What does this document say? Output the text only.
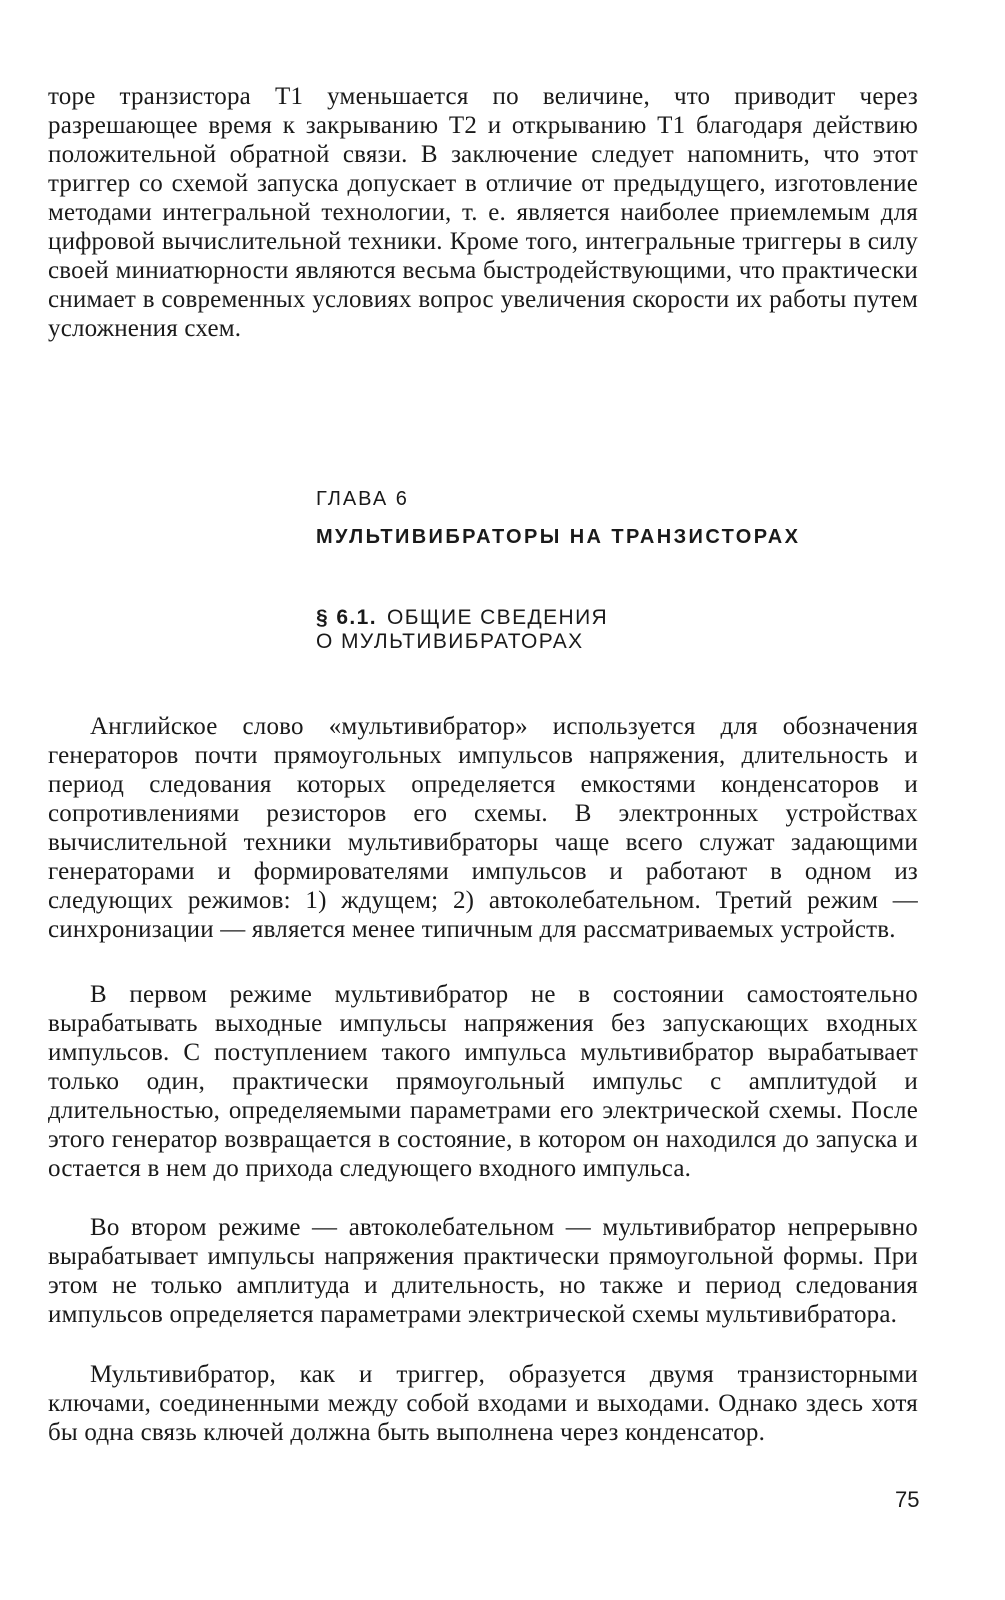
торе транзистора Т1 уменьшается по величине, что приводит через разрешающее время к закрыванию Т2 и открыванию Т1 благодаря действию положительной обратной связи. В заключение следует напомнить, что этот триггер со схемой запуска допускает в отличие от предыдущего, изготовление методами интегральной технологии, т. е. является наиболее приемлемым для цифровой вычислительной техники. Кроме того, интегральные триггеры в силу своей миниатюрности являются весьма быстродействующими, что практически снимает в современных условиях вопрос увеличения скорости их работы путем усложнения схем.

ГЛАВА 6
МУЛЬТИВИБРАТОРЫ НА ТРАНЗИСТОРАХ
§ 6.1. ОБЩИЕ СВЕДЕНИЯ
О МУЛЬТИВИБРАТОРАХ

Английское слово «мультивибратор» используется для обозначения генераторов почти прямоугольных импульсов напряжения, длительность и период следования которых определяется емкостями конденсаторов и сопротивлениями резисторов его схемы. В электронных устройствах вычислительной техники мультивибраторы чаще всего служат задающими генераторами и формирователями импульсов и работают в одном из следующих режимов: 1) ждущем; 2) автоколебательном. Третий режим — синхронизации — является менее типичным для рассматриваемых устройств.

В первом режиме мультивибратор не в состоянии самостоятельно вырабатывать выходные импульсы напряжения без запускающих входных импульсов. С поступлением такого импульса мультивибратор вырабатывает только один, практически прямоугольный импульс с амплитудой и длительностью, определяемыми параметрами его электрической схемы. После этого генератор возвращается в состояние, в котором он находился до запуска и остается в нем до прихода следующего входного импульса.

Во втором режиме — автоколебательном — мультивибратор непрерывно вырабатывает импульсы напряжения практически прямоугольной формы. При этом не только амплитуда и длительность, но также и период следования импульсов определяется параметрами электрической схемы мультивибратора.

Мультивибратор, как и триггер, образуется двумя транзисторными ключами, соединенными между собой входами и выходами. Однако здесь хотя бы одна связь ключей должна быть выполнена через конденсатор.

75
